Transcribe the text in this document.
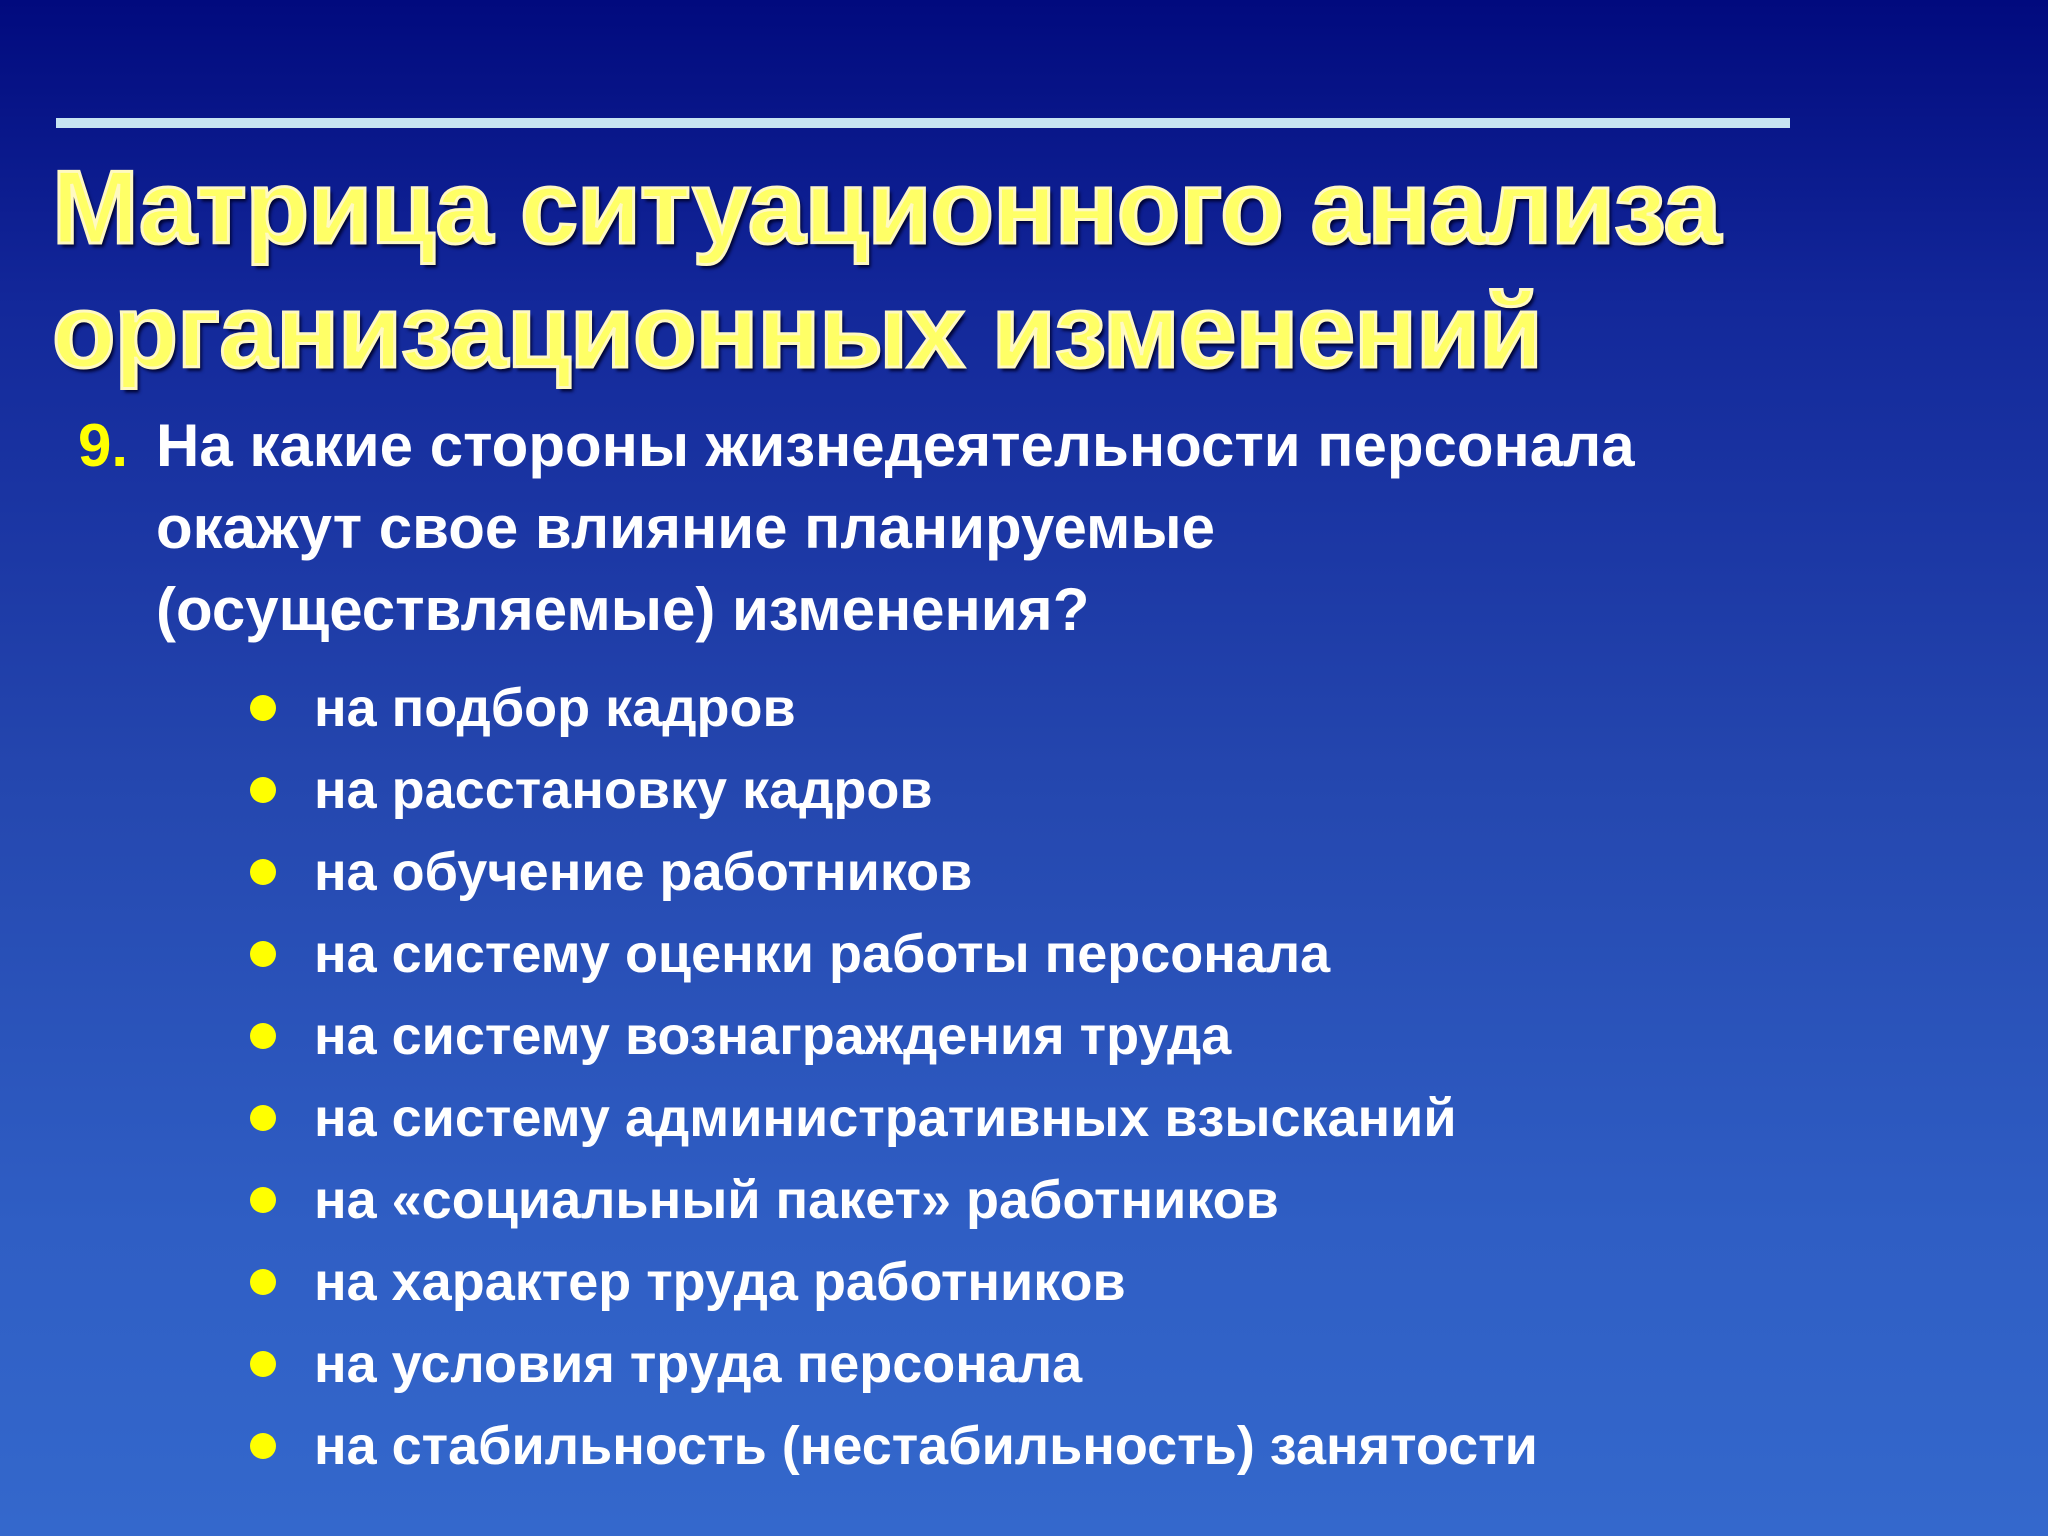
Матрица ситуационного анализа
организационных изменений
9. На какие стороны жизнедеятельности персонала
окажут свое влияние планируемые
(осуществляемые) изменения?
на подбор кадров
на расстановку кадров
на обучение работников
на систему оценки работы персонала
на систему вознаграждения труда
на систему административных взысканий
на «социальный пакет» работников
на характер труда работников
на условия труда персонала
на стабильность (нестабильность) занятости
